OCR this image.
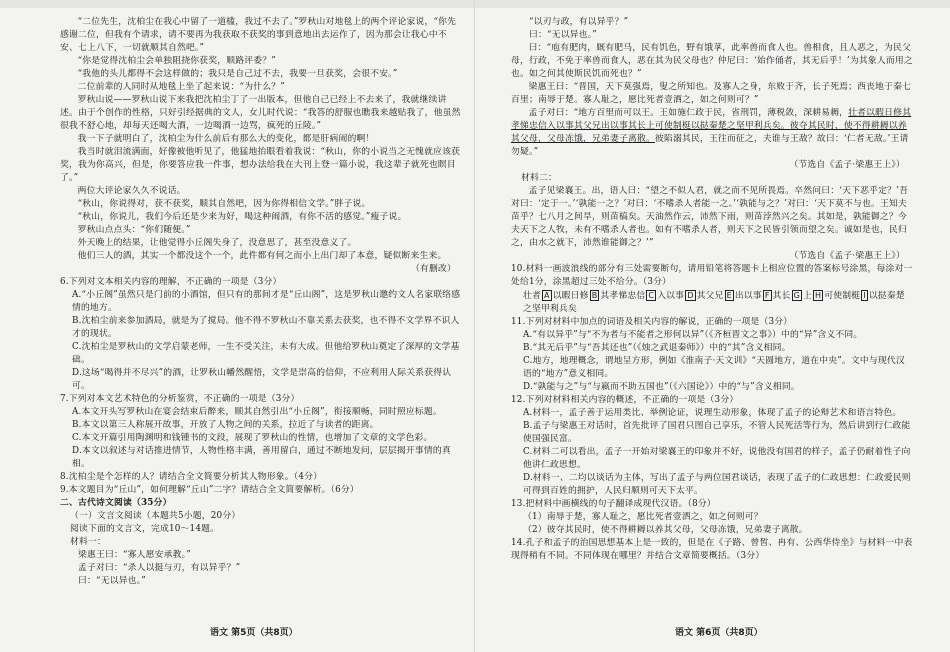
“二位先生，沈柏尘在我心中留了一道槛，我过不去了。”罗秋山对地毯上的两个评论家说，“你先感谢二位，但我有个请求，请不要再为我获取不获奖的事到意地出去运作了，因为那会让我心中不安、七上八下，一切就顺其自然吧。”

“你是觉得沈柏尘会单独阻挠你获奖，顺路评委？”

“我他的头儿都得不会这样做的；我只是自己过不去，我要一旦获奖，会很不安。”

二位前辈的人同时从地毯上坐了起来说：“为什么？”

罗秋山说——罗秋山说下来我把沈柏尘丁了一出版本，但他自己已经上不去来了，我就继续讲述。由于个创作的性格，只好引经据典的文人，女儿时代说：“我答的舒服也瞧我来越贴我了，他虽然很我不舒心地，却每天还喝大酒，一边喝酒一边骂，疯死的丘陵。”

我一下子就明白了，沈柏尘为什么前后有那么大的变化，都是肝病闹的啊！

我当时就泪流满面，好像被他听见了，他猛地抬眼看着我说：“秋山，你的小说当之无愧就应该获奖，我为你高兴，但是，你要答应我一件事，想办法给我在大刊上登一篇小说，我这辈子就死也瞑目了。”

两位大评论家久久不说话。

“秋山，你说得对，获不获奖，顺其自然吧，因为你得相信文学。”胖子说。

“秋山，你说儿，我们今后还是少来为好，喝这种闹酒，有你不活的感觉。”瘦子说。

罗秋山点点头：“你们随便。”

外天晚上的结果，让他觉得小丘阁失身了，没意思了，甚至没意义了。

他们三人的酒，其实一个都没这个一个，此件都有何之而小上出门却了本意，疑似断来生来。

（有删改）

6.下列对文本相关内容的理解，不正确的一项是（3分）
A.“小丘阁”虽然只是门前的小酒馆，但只有的那间才是“丘山阁”，这是罗秋山邀约文人名家联络感情的地方。
B.沈柏尘前来参加酒局，就是为了搅局。他不得不罗秋山不靠关系去获奖，也不得不文学界不识人才的现状。
C.沈柏尘是罗秋山的文学启蒙老师，一生不受关注，未有大成。但他给罗秋山奠定了深厚的文学基础。
D.这场“喝得并不尽兴”的酒，让罗秋山幡然醒悟，文学是崇高的信仰，不应利用人际关系获得认可。
7.下列对本文艺术特色的分析鉴赏，不正确的一项是（3分）
A.本文开头写罗秋山在宴会结束后醉来，顺其自然引出“小丘阁”，衔接顺畅，同时照应标题。
B.本文以第三人称展开故事，开放了人物之间的关系，拉近了与读者的距离。
C.本文开篇引用陶渊明和钱锺书的文段，展现了罗秋山的性情，也增加了文章的文学色彩。
D.本文以叙述与对话推进情节，人物性格丰满，善用留白，通过不断地发问，层层揭开事情的真相。
8.沈柏尘是个怎样的人？请结合全文简要分析其人物形象。（4分）
9.本文题目为“丘山”，如何理解“丘山”二字？请结合全文简要解析。（6分）
二、古代诗文阅读（35分）
（一）文言文阅读（本题共5小题，20分）
阅读下面的文言文，完成10～14题。
材料一：
梁惠王曰：“寡人愿安承教。”
孟子对曰：“杀人以挺与刃，有以异乎？”
曰：“无以异也。”
语文 第5页（共8页）
“以刃与政，有以异乎？”
曰：“无以异也。”

曰：“庖有肥肉，厩有肥马，民有饥色，野有饿莩，此率兽而食人也。兽相食，且人恶之，为民父母，行政，不免于率兽而食人，恶在其为民父母也？仲尼曰：‘始作俑者，其无后乎！’为其象人而用之也。如之何其使斯民饥而死也？”

梁惠王曰：“晋国，天下莫强焉，叟之所知也。及寡人之身，东败于齐，长子死焉；西丧地于秦七百里；南辱于楚。寡人耻之，愿比死者壹洒之，如之何则可？”

孟子对曰：“地方百里而可以王。王如施仁政于民，省刑罚，薄税敛，深耕易耨，壮者以暇日修其孝悌忠信入以事其父兄出以事其长上可使制梃以挞秦楚之坚甲利兵矣。彼夺其民时，使不得耕耨以养其父母，父母冻饿，兄弟妻子离散。彼陷溺其民，王往而征之，夫谁与王敌？故曰：‘仁者无敌。’王请勿疑。”

（节选自《孟子·梁惠王上》）

材料二：

孟子见梁襄王。出，语人曰：“望之不似人君，就之而不见所畏焉。卒然问曰：‘天下恶乎定？’吾对曰：‘定于一。’‘孰能一之？’对曰：‘不嗜杀人者能一之。’‘孰能与之？’对曰：‘天下莫不与也。王知夫苗乎？七八月之间旱，则苗槁矣。天油然作云，沛然下雨，则苗浡然兴之矣。其如是，孰能御之？今夫天下之人牧，未有不嗜杀人者也。如有不嗜杀人者，则天下之民皆引领而望之矣。诚如是也，民归之，由水之就下，沛然谁能御之？’”

（节选自《孟子·梁惠王上》）

10.材料一画波浪线的部分有三处需要断句，请用铅笔将答题卡上相应位置的答案标号涂黑，每涂对一处给1分，涂黑超过三处不给分。（3分）
壮者 A 以暇日修 B 其孝悌忠信 C 入以事 D 其父兄 E 出以事 F 其长 G 上 H 可使制梃 I 以挞秦楚之坚甲利兵矣
11.下列对材料中加点的词语及相关内容的解说，正确的一项是（3分）
A.“有以异乎”与“不为者与不能者之形何以异”（《齐桓晋文之事》）中的“异”含义不同。
B.“其无后乎”与“吾其还也”（《烛之武退秦师》）中的“其”含义相同。
C.地方，地理概念，谓地呈方形，例如《淮南子·天文训》“天圆地方，道在中央”。文中与现代汉语的“地方”意义相同。
D.“孰能与之”与“与嬴而不助五国也”（《六国论》）中的“与”含义相同。
12.下列对材料相关内容的概述，不正确的一项是（3分）
A.材料一，孟子善于运用类比、举例论证，说理生动形象，体现了孟子的论辩艺术和语言特色。
B.孟子与梁惠王对话时，首先批评了国君只图自己享乐，不管人民死活等行为，然后讲到行仁政能使国强民富。
C.材料二可以看出，孟子一开始对梁襄王的印象并不好，说他没有国君的样子，孟子仍耐着性子向他讲仁政思想。
D.材料一、二均以谈话为主体，写出了孟子与两位国君谈话，表现了孟子的仁政思想：仁政爱民则可得到百姓的拥护，人民归顺则可天下太平。
13.把材料中画横线的句子翻译成现代汉语。（8分）
（1）南辱于楚，寡人耻之，愿比死者壹洒之，如之何则可？
（2）彼夺其民时，使不得耕耨以养其父母，父母冻饿，兄弟妻子离散。
14.孔子和孟子的治国思想基本上是一致的，但是在《子路、曾皙、冉有、公西华侍坐》与材料一中表现得稍有不同。不同体现在哪里？并结合文章简要概括。（3分）
语文 第6页（共8页）
